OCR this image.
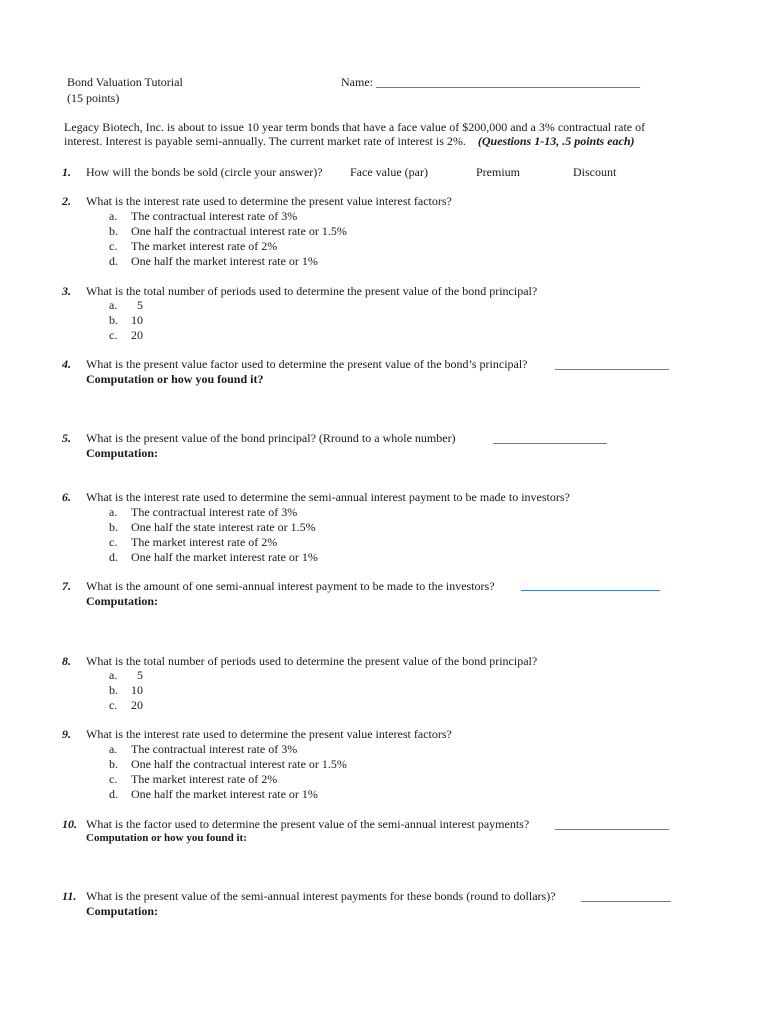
Bond Valuation Tutorial
(15 points)
Name: ____________________________________________
Legacy Biotech, Inc. is about to issue 10 year term bonds that have a face value of $200,000 and a 3% contractual rate of
interest. Interest is payable semi-annually. The current market rate of interest is 2%. (Questions 1-13, .5 points each)
1. How will the bonds be sold (circle your answer)? Face value (par)	Premium	Discount
2. What is the interest rate used to determine the present value interest factors?
a. The contractual interest rate of 3%
b. One half the contractual interest rate or 1.5%
c. The market interest rate of 2%
d. One half the market interest rate or 1%
3. What is the total number of periods used to determine the present value of the bond principal?
a. 5
b. 10
c. 20
4. What is the present value factor used to determine the present value of the bond’s principal? ___________________
Computation or how you found it?
5. What is the present value of the bond principal? (Rround to a whole number)	___________________
Computation:
6. What is the interest rate used to determine the semi-annual interest payment to be made to investors?
a. The contractual interest rate of 3%
b. One half the state interest rate or 1.5%
c. The market interest rate of 2%
d. One half the market interest rate or 1%
7. What is the amount of one semi-annual interest payment to be made to the investors?
Computation:
8. What is the total number of periods used to determine the present value of the bond principal?
a. 5
b. 10
c. 20
9. What is the interest rate used to determine the present value interest factors?
a. The contractual interest rate of 3%
b. One half the contractual interest rate or 1.5%
c. The market interest rate of 2%
d. One half the market interest rate or 1%
10. What is the factor used to determine the present value of the semi-annual interest payments? ___________________
Computation or how you found it:
11. What is the present value of the semi-annual interest payments for these bonds (round to dollars)? _______________
Computation:
